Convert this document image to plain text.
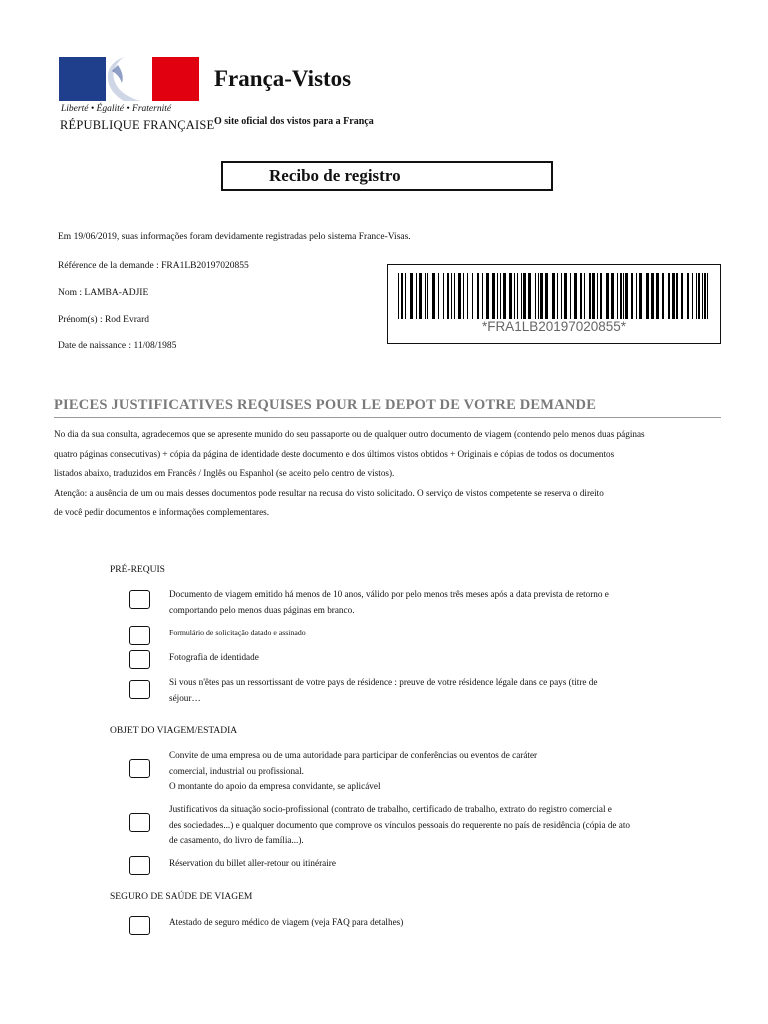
Liberté • Égalité • Fraternité
RÉPUBLIQUE FRANÇAISE
França-Vistos
O site oficial dos vistos para a França
Recibo de registro
Em 19/06/2019, suas informações foram devidamente registradas pelo sistema France-Visas.
Référence de la demande : FRA1LB20197020855
Nom : LAMBA-ADJIE
Prénom(s) : Rod Evrard
Date de naissance : 11/08/1985
*FRA1LB20197020855*
PIECES JUSTIFICATIVES REQUISES POUR LE DEPOT DE VOTRE DEMANDE
No dia da sua consulta, agradecemos que se apresente munido do seu passaporte ou de qualquer outro documento de viagem (contendo pelo menos duas páginas
quatro páginas consecutivas) + cópia da página de identidade deste documento e dos últimos vistos obtidos + Originais e cópias de todos os documentos
listados abaixo, traduzidos em Francês / Inglês ou Espanhol (se aceito pelo centro de vistos).
Atenção: a ausência de um ou mais desses documentos pode resultar na recusa do visto solicitado. O serviço de vistos competente se reserva o direito
de você pedir documentos e informações complementares.
PRÉ-REQUIS
Documento de viagem emitido há menos de 10 anos, válido por pelo menos três meses após a data prevista de retorno e
comportando pelo menos duas páginas em branco.
Formulário de solicitação datado e assinado
Fotografia de identidade
Si vous n'êtes pas un ressortissant de votre pays de résidence : preuve de votre résidence légale dans ce pays (titre de
séjour…
OBJET DO VIAGEM/ESTADIA
Convite de uma empresa ou de uma autoridade para participar de conferências ou eventos de caráter
comercial, industrial ou profissional.
O montante do apoio da empresa convidante, se aplicável
Justificativos da situação socio-profissional (contrato de trabalho, certificado de trabalho, extrato do registro comercial e
des sociedades...) e qualquer documento que comprove os vínculos pessoais do requerente no país de residência (cópia de ato
de casamento, do livro de família...).
Réservation du billet aller-retour ou itinéraire
SEGURO DE SAÚDE DE VIAGEM
Atestado de seguro médico de viagem (veja FAQ para detalhes)
